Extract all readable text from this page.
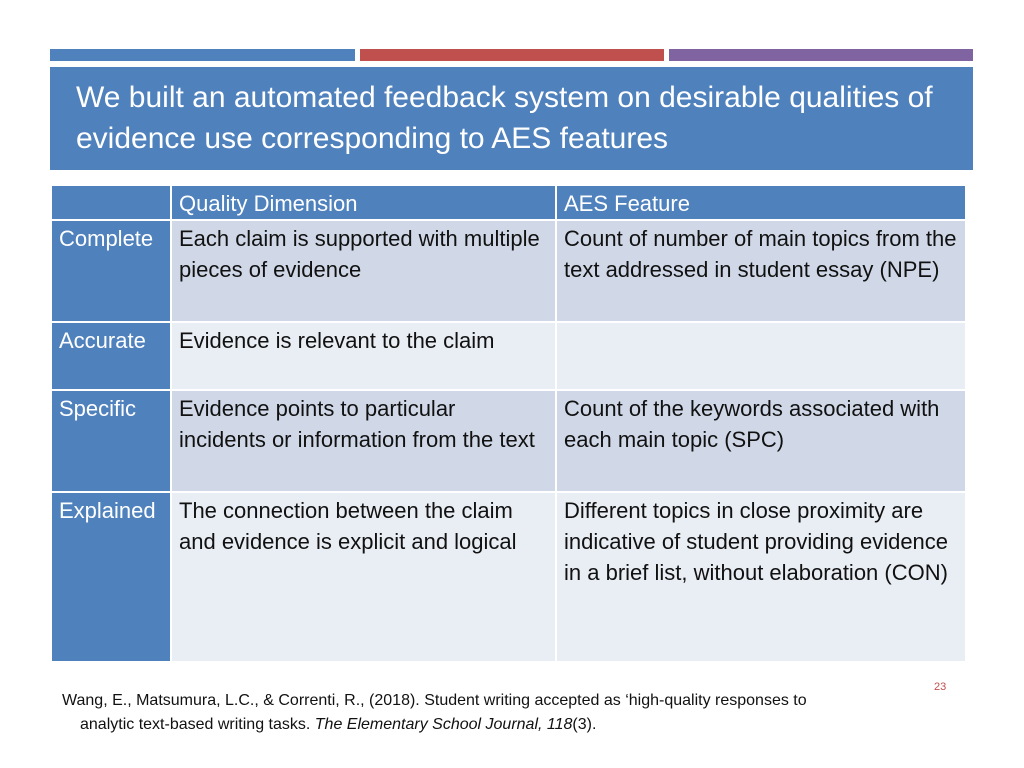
We built an automated feedback system on desirable qualities of evidence use corresponding to AES features
	Quality Dimension	AES Feature
Complete	Each claim is supported with multiple pieces of evidence	Count of number of main topics from the text addressed in student essay (NPE)
Accurate	Evidence is relevant to the claim	
Specific	Evidence points to particular incidents or information from the text	Count of the keywords associated with each main topic (SPC)
Explained	The connection between the claim and evidence is explicit and logical	Different topics in close proximity are indicative of student providing evidence in a brief list, without elaboration (CON)
23
Wang, E., Matsumura, L.C., & Correnti, R., (2018). Student writing accepted as ‘high-quality responses to
analytic text-based writing tasks. The Elementary School Journal, 118(3).
